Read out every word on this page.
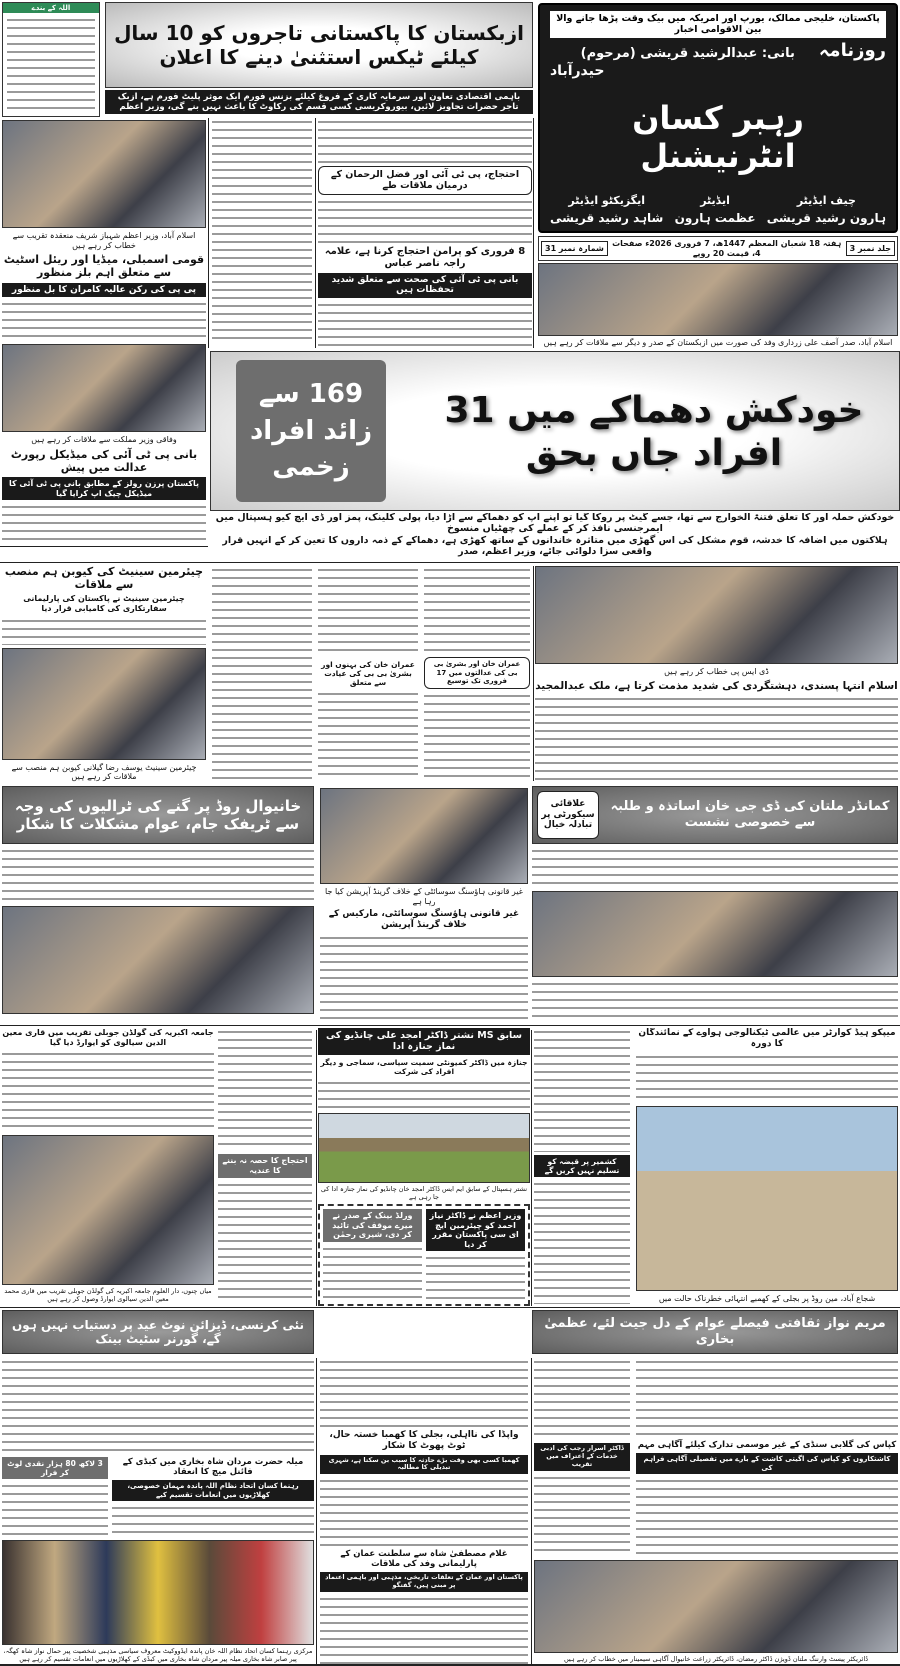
اللہ کے بندے
ازبکستان کا پاکستانی تاجروں کو 10 سال کیلئے ٹیکس استثنیٰ دینے کا اعلان
باہمی اقتصادی تعاون اور سرمایہ کاری کے فروغ کیلئے بزنس فورم ایک موثر پلیٹ فورم ہے، ازبک تاجر حضرات تجاویز لائیں، بیوروکریسی کسی قسم کی رکاوٹ کا باعث نہیں بنے گی، وزیر اعظم
پاکستان، خلیجی ممالک، یورپ اور امریکہ میں بیک وقت پڑھا جانے والا بین الاقوامی اخبار
روزنامہ
بانی: عبدالرشید قریشی (مرحوم)
حیدرآباد
رہبر کسان انٹرنیشنل
چیف ایڈیٹر
ہارون رشید قریشی
ایڈیٹر
عظمت ہارون
ایگزیکٹو ایڈیٹر
شاہد رشید قریشی
جلد نمبر 3
ہفتہ 18 شعبان المعظم 1447ھ، 7 فروری 2026ء صفحات 4، قیمت 20 روپے
شمارہ نمبر 31
اسلام آباد، صدر آصف علی زرداری وفد کی صورت میں ازبکستان کے صدر و دیگر سے ملاقات کر رہے ہیں
اسلام آباد، وزیر اعظم شہباز شریف منعقدہ تقریب سے خطاب کر رہے ہیں
قومی اسمبلی، میڈیا اور ریئل اسٹیٹ سے متعلق اہم بلز منظور
پی پی کی رکن عالیہ کامران کا بل منظور
وفاقی وزیر مملکت سے ملاقات کر رہے ہیں
بانی پی ٹی آئی کی میڈیکل رپورٹ عدالت میں پیش
پاکستان پرزن رولز کے مطابق بانی پی ٹی آئی کا میڈیکل چیک اپ کرایا گیا
احتجاج، پی ٹی آئی اور فضل الرحمان کے درمیان ملاقات طے
8 فروری کو پرامن احتجاج کرنا ہے، علامہ راجہ ناصر عباس
بانی پی ٹی آئی کی صحت سے متعلق شدید تحفظات ہیں
خودکش دھماکے میں 31 افراد جاں بحق
169 سے زائد افراد زخمی
خودکش حملہ آور کا تعلق فتنۃ الخوارج سے تھا، جسے گیٹ پر روکا گیا تو اپنے آپ کو دھماکے سے اڑا دیا، پولی کلینک، پمز اور ڈی ایچ کیو ہسپتال میں ایمرجنسی نافذ کر کے عملے کی چھٹیاں منسوخ
ہلاکتوں میں اضافہ کا خدشہ، قوم مشکل کی اس گھڑی میں متاثرہ خاندانوں کے ساتھ کھڑی ہے، دھماکے کے ذمہ داروں کا تعین کر کے انہیں قرار واقعی سزا دلوائی جائے، وزیر اعظم، صدر
چیئرمین سینیٹ کی کیوبن ہم منصب سے ملاقات
چیئرمین سینیٹ نے پاکستان کی پارلیمانی سفارتکاری کی کامیابی قرار دیا
چیئرمین سینیٹ یوسف رضا گیلانی کیوبن ہم منصب سے ملاقات کر رہے ہیں
عمران خان کی بہنوں اور بشریٰ بی بی کی عیادت سے متعلق
عمران خان اور بشریٰ بی بی کی عدالتوں میں 17 فروری تک توسیع
ڈی ایس پی خطاب کر رہے ہیں
اسلام انتہا پسندی، دہشتگردی کی شدید مذمت کرتا ہے، ملک عبدالمجید
خانیوال روڈ پر گنے کی ٹرالیوں کی وجہ سے ٹریفک جام، عوام مشکلات کا شکار
غیر قانونی ہاؤسنگ سوسائٹی کے خلاف گرینڈ آپریشن کیا جا رہا ہے
غیر قانونی ہاؤسنگ سوسائٹی، مارکیس کے خلاف گرینڈ آپریشن
علاقائی سیکورٹی پر تبادلہ خیال
کمانڈر ملتان کی ڈی جی خان اساتذہ و طلبہ سے خصوصی نشست
جامعہ اکبریہ کی گولڈن جوبلی تقریب میں قاری معین الدین سیالوی کو ایوارڈ دیا گیا
میاں چنوں، دار العلوم جامعہ اکبریہ کی گولڈن جوبلی تقریب میں قاری محمد معین الدین سیالوی ایوارڈ وصول کر رہے ہیں
احتجاج کا حصہ نہ بننے کا عندیہ
سابق MS نشتر ڈاکٹر امجد علی چانڈیو کی نماز جنازہ ادا
جنازہ میں ڈاکٹر کمیونٹی سمیت سیاسی، سماجی و دیگر افراد کی شرکت
نشتر ہسپتال کے سابق ایم ایس ڈاکٹر امجد خان چانڈیو کی نماز جنازہ ادا کی جا رہی ہے
وزیر اعظم نے ڈاکٹر نیاز احمد کو چیئرمین ایچ ای سی پاکستان مقرر کر دیا
ورلڈ بینک کے صدر نے میرے موقف کی تائید کر دی، شیری رحمٰن
کشمیر پر قبضہ کو تسلیم نہیں کریں گے
میپکو ہیڈ کوارٹر میں عالمی ٹیکنالوجی ہواوے کے نمائندگان کا دورہ
شجاع آباد، مین روڈ پر بجلی کے کھمبے انتہائی خطرناک حالت میں
نئی کرنسی، ڈیزائن نوٹ عید پر دستیاب نہیں ہوں گے، گورنر سٹیٹ بینک
مریم نواز ثقافتی فیصلے عوام کے دل جیت لئے، عظمیٰ بخاری
میلہ حضرت مردان شاہ بخاری میں کبڈی کے فائنل میچ کا انعقاد
رہنما کسان اتحاد نظام اللہ پاندہ مہمان خصوصی، کھلاڑیوں میں انعامات تقسیم کیے
3 لاکھ 80 ہزار نقدی لوٹ کر فرار
مرکزی رہنما کسان اتحاد نظام اللہ خان پاندہ ایڈووکیٹ معروف سیاسی مذہبی شخصیت پیر حمال نواز شاہ کھگہ، پیر صابر شاہ بخاری میلہ پیر مردان شاہ بخاری میں کبڈی کے کھلاڑیوں میں انعامات تقسیم کر رہے ہیں
واپڈا کی نااہلی، بجلی کا کھمبا خستہ حال، ٹوٹ پھوٹ کا شکار
کھمبا کسی بھی وقت بڑے حادثہ کا سبب بن سکتا ہے، شہری تبدیلی کا مطالبہ
غلام مصطفیٰ شاہ سے سلطنت عمان کے پارلیمانی وفد کی ملاقات
پاکستان اور عمان کے تعلقات تاریخی، مذہبی اور باہمی اعتماد پر مبنی ہیں، گفتگو
ڈاکٹر اسرار رجب کی ادبی خدمات کے اعتراف میں تقریب
کپاس کی گلابی سنڈی کے غیر موسمی تدارک کیلئے آگاہی مہم
کاشتکاروں کو کپاس کی اگیتی کاشت کے بارے میں تفصیلی آگاہی فراہم کی
ڈائریکٹر پیسٹ وارننگ ملتان ڈویژن ڈاکٹر رمضان، ڈائریکٹر زراعت خانیوال آگاہی سیمینار میں خطاب کر رہے ہیں
